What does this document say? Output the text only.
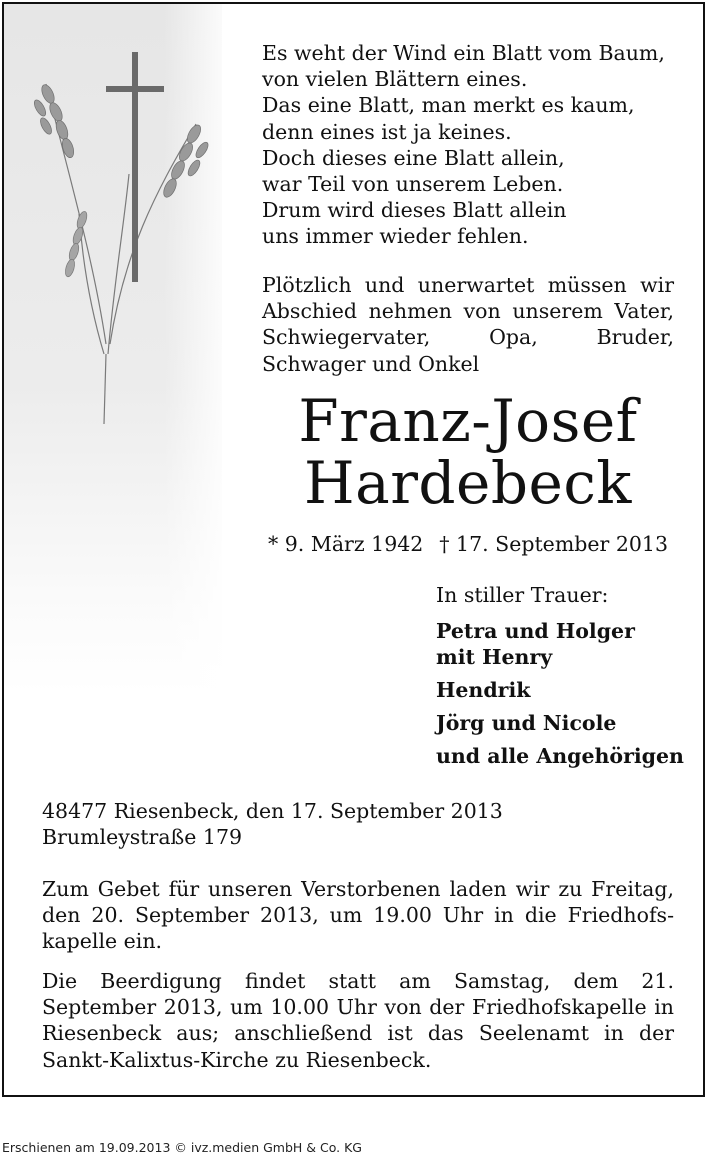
Es weht der Wind ein Blatt vom Baum,
von vielen Blättern eines.
Das eine Blatt, man merkt es kaum,
denn eines ist ja keines.
Doch dieses eine Blatt allein,
war Teil von unserem Leben.
Drum wird dieses Blatt allein
uns immer wieder fehlen.
Plötzlich und unerwartet müssen wir Abschied nehmen von unserem Vater, Schwiegervater, Opa, Bruder, Schwager und Onkel
Franz-Josef
Hardebeck
* 9. März 1942 † 17. September 2013
In stiller Trauer:
Petra und Holger
mit Henry
Hendrik
Jörg und Nicole
und alle Angehörigen
48477 Riesenbeck, den 17. September 2013
Brumleystraße 179
Zum Gebet für unseren Verstorbenen laden wir zu Freitag, den 20. September 2013, um 19.00 Uhr in die Friedhofs-kapelle ein.
Die Beerdigung findet statt am Samstag, dem 21. September 2013, um 10.00 Uhr von der Friedhofskapelle in Riesenbeck aus; anschließend ist das Seelenamt in der Sankt-Kalixtus-Kirche zu Riesenbeck.
Erschienen am 19.09.2013 © ivz.medien GmbH & Co. KG
